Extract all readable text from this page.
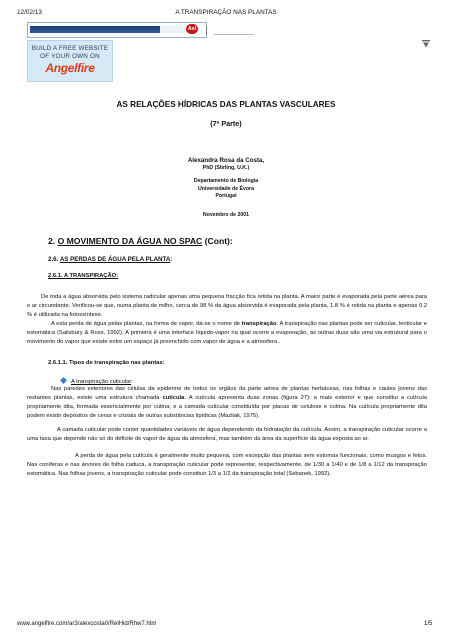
12/02/13	A TRANSPIRAÇÃO NAS PLANTAS
Aol
BUILD A FREE WEBSITE
OF YOUR OWN ON
Angelfire
AS RELAÇÕES HÍDRICAS DAS PLANTAS VASCULARES
(7ª Parte)
Alexandra Rosa da Costa,
PhD (Stirling, U.K.)
Departamento de Biologia
Universidade de Évora
Portugal
Novembro de 2001
2. O MOVIMENTO DA ÁGUA NO SPAC (Cont):
2.6. AS PERDAS DE ÁGUA PELA PLANTA:
2.6.1. A TRANSPIRAÇÃO:

De toda a água absorvida pelo sistema radicular apenas uma pequena fracção fica retida na planta. A maior parte é evaporada pela parte aérea para o ar circundante. Verificou-se que, numa planta de milho, cerca de 98 % da água absorvida é evaporada pela planta, 1.8 % é retida na planta e apenas 0.2 % é utilizada na fotossíntese.

A esta perda de água pelas plantas, na forma de vapor, dá-se o nome de transpiração. A transpiração nas plantas pode ser cuticular, lenticular e estomática (Salisbury & Ross, 1992). A primeira é uma interface líquido-vapor na qual ocorre a evaporação, as outras duas são uma via estrutural para o movimento do vapor que existe entre um espaço já preenchido com vapor de água e a atmosfera .

2.6.1.1. Tipos de transpiração nas plantas:
A transpiração cuticular:

Nas paredes exteriores das células da epiderme de todos os orgãos da parte aérea de plantas herbáceas, nas folhas e caules jovens das restantes plantas, existe uma estrutura chamada cutícula. A cutícula apresenta duas zonas (figura 27): a mais exterior e que constitui a cutícula propriamente dita, formada essencialmente por cutina; e a camada cuticular constituída por placas de celulose e cutina. Na cutícula propriamente dita podem existir depósitos de ceras e cristais de outras substâncias lipídicas (Mazliak, 1975).

A camada cuticular pode conter quantidades variáveis de água dependendo da hidratação da cutícula. Assim, a transpiração cuticular ocorre a uma taxa que depende não só do déficite de vapor de água da atmosfera, mas também da área da superfície da água exposta ao ar.

A perda de água pela cutícula é geralmente muito pequena, com excepção das plantas sem estomas funcionais, como musgos e fetos. Nas coníferas e nas árvores de folha caduca, a transpiração cuticular pode representar, respectivamente, de 1/30 a 1/40 e de 1/8 a 1/12 da transpiração estomática. Nas folhas jovens, a transpiração cuticular pode constituir 1/3 a 1/2 da transpiração total (Sebanek, 1992).

www.angelfire.com/ar3/alexcosta0/RelHid/Rhw7.htm	1/5
